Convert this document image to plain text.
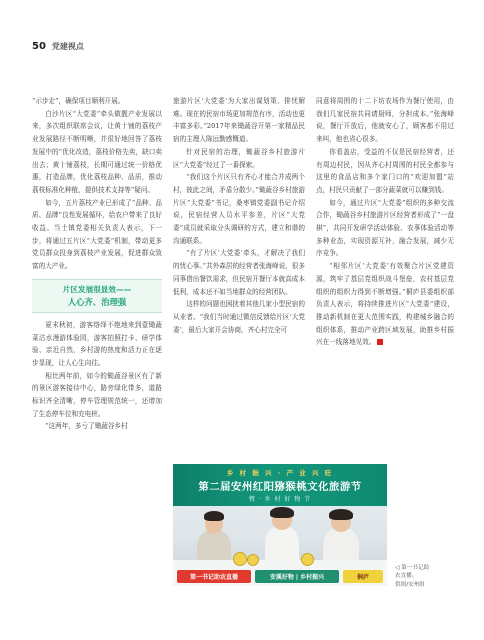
50 党建视点

“示步走”，确保项目顺利开展。

白沙片区“大党委”牵头做靓产业发展以来，多次组织联席会议，让黄十铺的荔枝产业发展路径不断明晰，并很好地回答了荔枝发展中的“优化改造，荔枝价格先卖，缺口卖出去；黄十铺荔枝，长期可通过统一价格优惠，打造品牌，优化荔枝品种、品质，推动荔枝标准化种植，提供技术支持等”疑问。

如今，五片荔枝产业已形成了“品种、品质、品牌”良性发展循环，给农户带来了良好收益。当土镇党委相关负责人表示，下一步，将通过五片区“大党委”机制，带动更多党员群众投身到荔枝产业发展，促进群众致富的大产业。

片区发展很显效——
人心齐、治理强

夏末秋初，游客络绎不绝地来到壹锄蔬菜沽水漫游体验园，游客拍照打卡、研学体验、亲近自然，乡村游的热度和活力正在逐步显现，让人心生向往。

相比两年前，如今的锄蔬谷景区有了新的景区游客接待中心，路旁绿化带多，道路标识齐全清晰，停车管理规范统一，还增加了生态停车位和充电桩。

“这两年，多亏了锄蔬谷乡村

旅游片区‘大党委’为大家出谋划策、排忧解难。现在的民宿市场更加规范有序，活动也更丰富多彩。”2017年来锄蔬谷开第一家精品民宿的主理人陈远勤感慨道。

针对民宿的治理，锄蔬谷乡村旅游片区“大党委”经过了一番探索。

“我们这个片区只有齐心才能合并成两个村，彼此之间，矛盾分散少。”锄蔬谷乡村旅游片区“大党委”书记，桑枣镇党委副书记介绍说，民宿经营人员水平参差，片区“大党委”成员就采取分头调研的方式，建立和谐的沟通联系。

“有了片区‘大党委’牵头，才解决了我们的忧心事。”共外森居的经营者张海峰说，很多同事借出餐饮需求，但民宿开餐厅本就高成本低利，成本还不如当地群众的经营团队。

这样的问题也困扰着其他几家小型民宿的从业者。“我们当时通过微信反馈给片区‘大党委’，最后大家开会协商，齐心村完全可

同意将周围的十二下坊农场作为餐厅使用，由我们几家民宿共同请厨师，分担成本。”张海峰说，餐厅开放后，他就安心了，顾客都不用过来叫，他也省心很多。

你看盖店，受益的不仅是民宿经营者，还有周边村民，因从齐心村周围的村民全都参与这里的食品店和多个家门口的“欢迎加盟”站点，村民只贡献了一部分蔬菜就可以赚到钱。

如今，通过片区“大党委”组织的多种交流合作，锄蔬谷乡村旅游片区经营者形成了“一盘棋”，共同开发研学活动体验、农事体验活动等多种业态，实现资源互补，融合发展，减少无序竞争。

“相邻片区‘大党委’有效聚合片区党建资源，筑牢了基层党组织战斗堡垒，农村基层党组织的组织力得到不断增强。”桐庐县委组织部负责人表示，将持续推进片区“大党委”建设，推动新机制在更大范围实践，构建城乡融合的组织体系，推动产业跨区域发展，助推乡村振兴在一线落地见效。

乡 村 振 兴 · 产 业 兴 旺
第二届安州红阳猕猴桃文化旅游节
暨 · 乡 村 好 物 节
第一书记助农直播	安溪好物 | 乡村振兴	桐庐
◁ 第一书记助
农直播。
供图/安州组
